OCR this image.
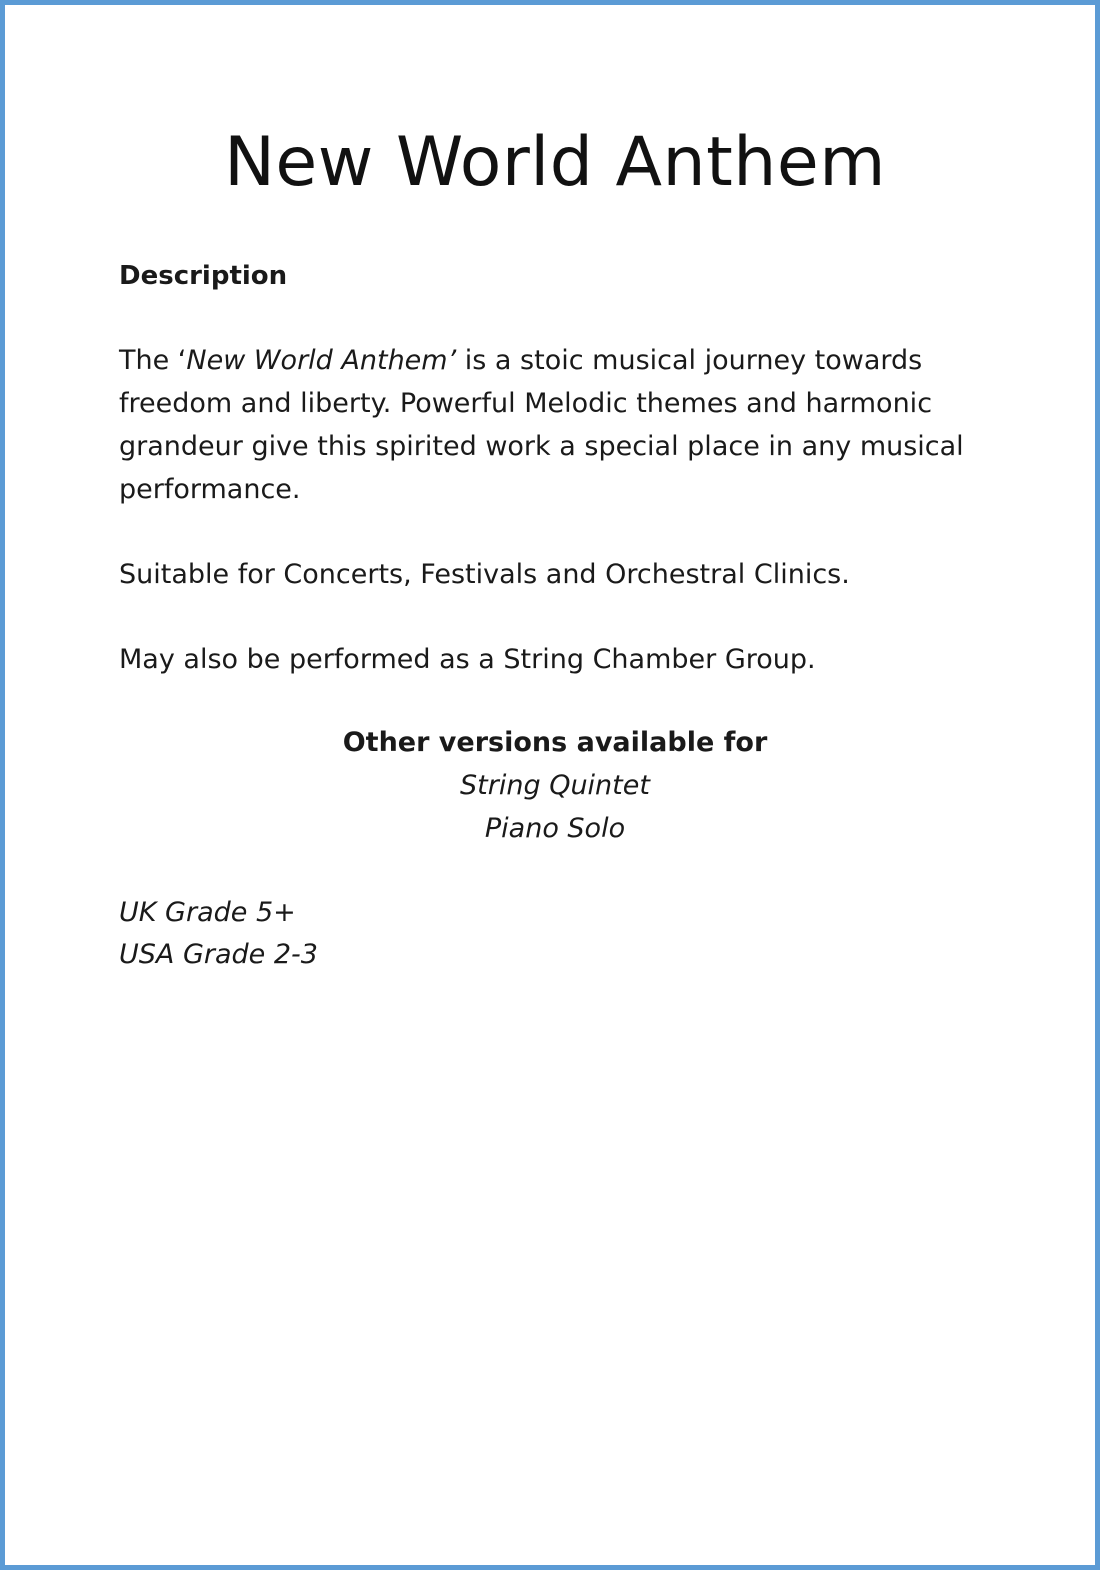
New World Anthem

Description

The ‘New World Anthem’ is a stoic musical journey towards freedom and liberty. Powerful Melodic themes and harmonic grandeur give this spirited work a special place in any musical performance.

Suitable for Concerts, Festivals and Orchestral Clinics.

May also be performed as a String Chamber Group.

Other versions available for
String Quintet
Piano Solo
UK Grade 5+
USA Grade 2-3
